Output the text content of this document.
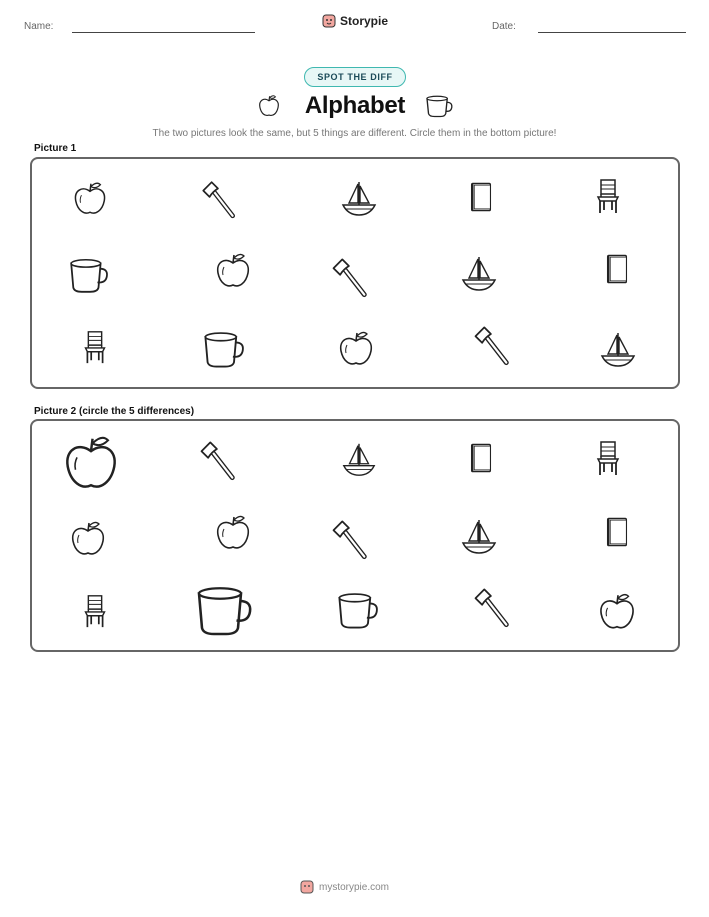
Name:	Storypie	Date:
SPOT THE DIFF
Alphabet
The two pictures look the same, but 5 things are different. Circle them in the bottom picture!
Picture 1
Picture 2 (circle the 5 differences)
mystorypie.com
